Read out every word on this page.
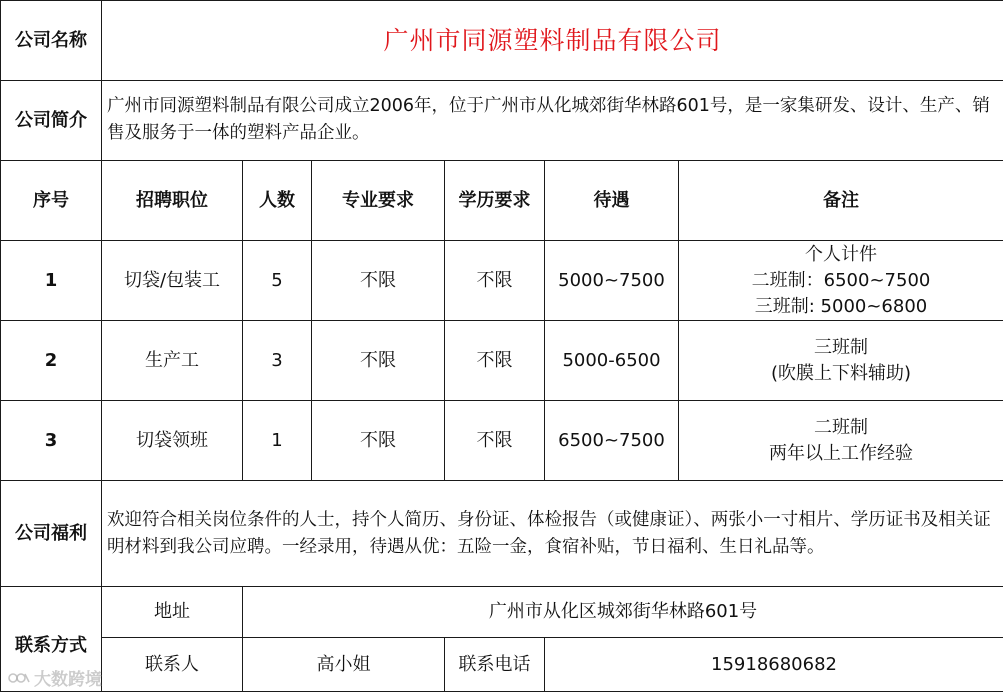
公司名称	广州市同源塑料制品有限公司					
公司简介	广州市同源塑料制品有限公司成立2006年，位于广州市从化城郊街华林路601号，是一家集研发、设计、生产、销售及服务于一体的塑料产品企业。					
序号	招聘职位	人数	专业要求	学历要求	待遇	备注
1	切袋/包装工	5	不限	不限	5000~7500	个人计件
二班制：6500~7500
三班制: 5000~6800

2	生产工	3	不限	不限	5000-6500	三班制
(吹膜上下料辅助)

3	切袋领班	1	不限	不限	6500~7500	二班制
两年以上工作经验

公司福利	欢迎符合相关岗位条件的人士，持个人简历、身份证、体检报告（或健康证）、两张小一寸相片、学历证书及相关证明材料到我公司应聘。一经录用，待遇从优：五险一金，食宿补贴，节日福利、生日礼品等。					
联系方式	地址	广州市从化区城郊街华林路601号				
	联系人	高小姐		联系电话	15918680682	
大数跨境
